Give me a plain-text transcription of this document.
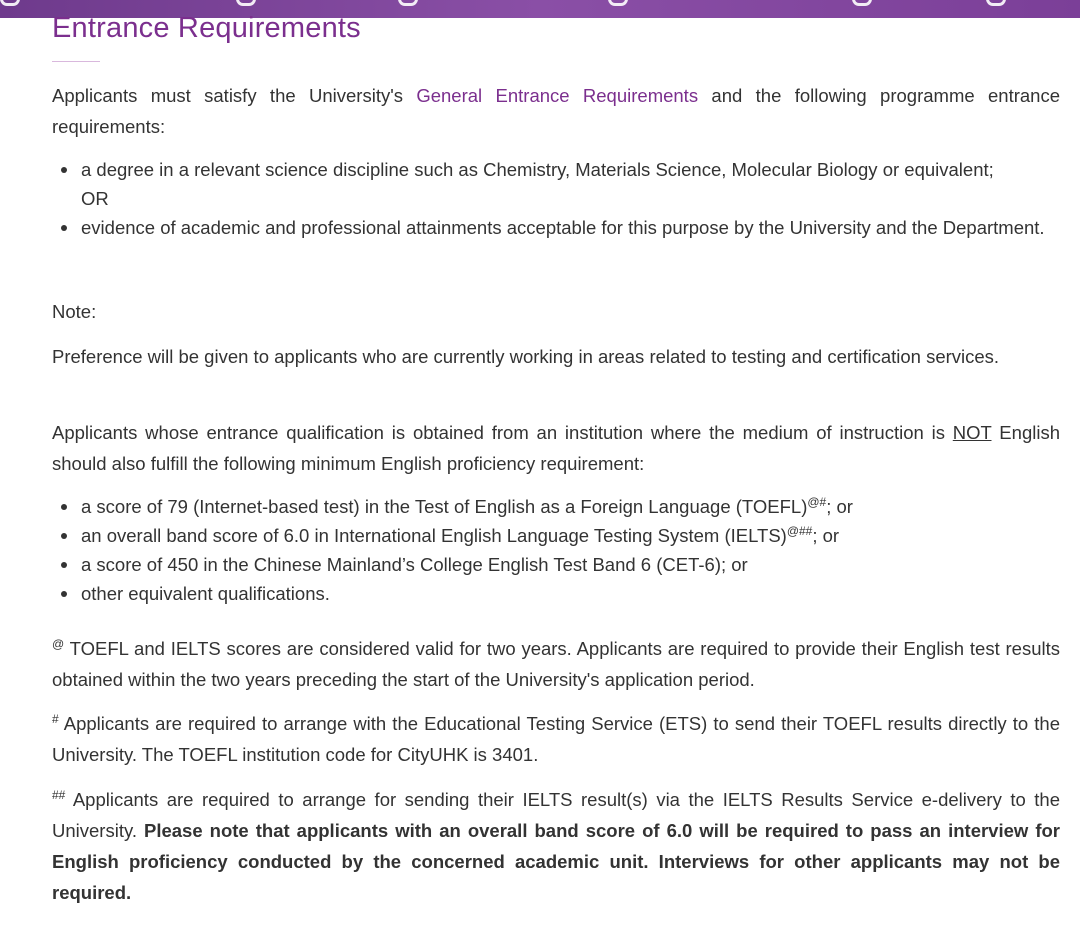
Entrance Requirements

Applicants must satisfy the University's General Entrance Requirements and the following programme entrance requirements:

a degree in a relevant science discipline such as Chemistry, Materials Science, Molecular Biology or equivalent;
OR
evidence of academic and professional attainments acceptable for this purpose by the University and the Department.

Note:

Preference will be given to applicants who are currently working in areas related to testing and certification services.

Applicants whose entrance qualification is obtained from an institution where the medium of instruction is NOT English should also fulfill the following minimum English proficiency requirement:

a score of 79 (Internet-based test) in the Test of English as a Foreign Language (TOEFL)@#; or
an overall band score of 6.0 in International English Language Testing System (IELTS)@##; or
a score of 450 in the Chinese Mainland’s College English Test Band 6 (CET-6); or
other equivalent qualifications.

@ TOEFL and IELTS scores are considered valid for two years. Applicants are required to provide their English test results obtained within the two years preceding the start of the University's application period.

# Applicants are required to arrange with the Educational Testing Service (ETS) to send their TOEFL results directly to the University. The TOEFL institution code for CityUHK is 3401.

## Applicants are required to arrange for sending their IELTS result(s) via the IELTS Results Service e-delivery to the University. Please note that applicants with an overall band score of 6.0 will be required to pass an interview for English proficiency conducted by the concerned academic unit. Interviews for other applicants may not be required.
